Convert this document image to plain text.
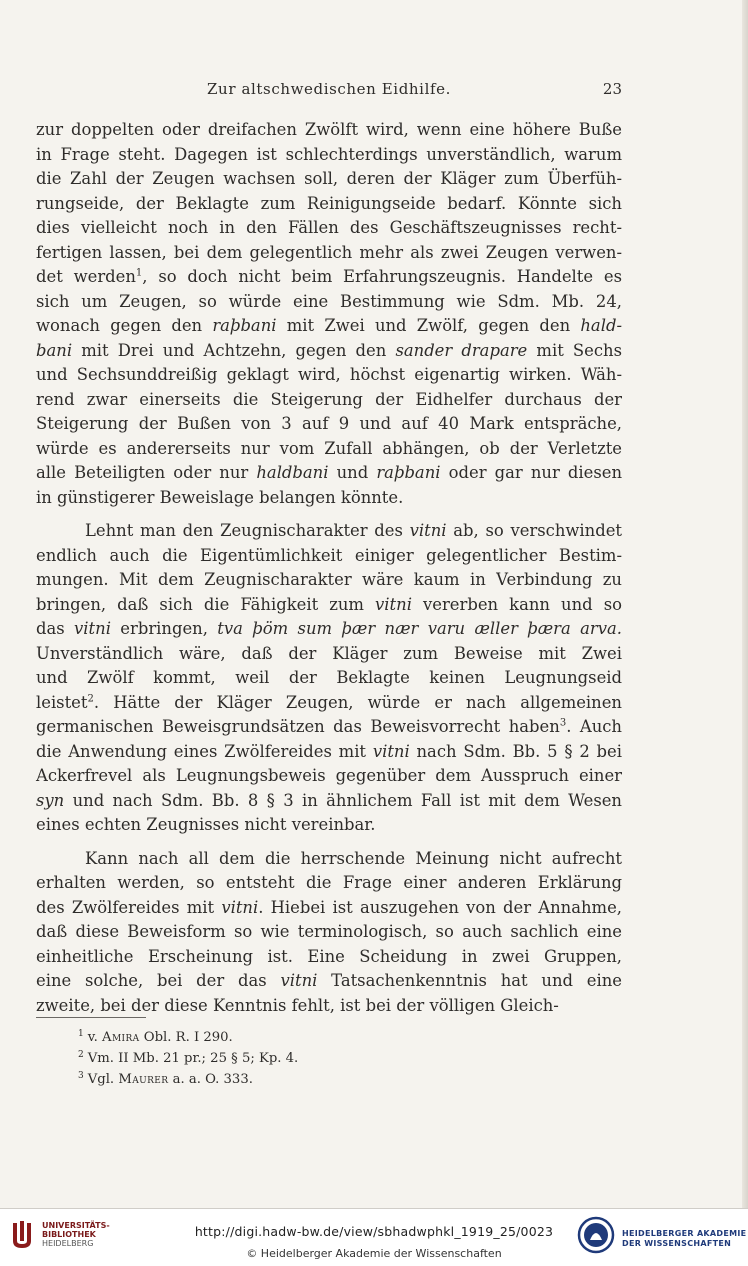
Zur altschwedischen Eidhilfe.	23
zur doppelten oder dreifachen Zwölft wird, wenn eine höhere Buße
in Frage steht. Dagegen ist schlechterdings unverständlich, warum
die Zahl der Zeugen wachsen soll, deren der Kläger zum Überfüh-
rungseide, der Beklagte zum Reinigungseide bedarf. Könnte sich
dies vielleicht noch in den Fällen des Geschäftszeugnisses recht-
fertigen lassen, bei dem gelegentlich mehr als zwei Zeugen verwen-
det werden$^1$, so doch nicht beim Erfahrungszeugnis. Handelte es
sich um Zeugen, so würde eine Bestimmung wie Sdm. Mb. 24,
wonach gegen den raþbani mit Zwei und Zwölf, gegen den hald-
bani mit Drei und Achtzehn, gegen den sander drapare mit Sechs
und Sechsunddreißig geklagt wird, höchst eigenartig wirken. Wäh-
rend zwar einerseits die Steigerung der Eidhelfer durchaus der
Steigerung der Bußen von 3 auf 9 und auf 40 Mark entspräche,
würde es andererseits nur vom Zufall abhängen, ob der Verletzte
alle Beteiligten oder nur haldbani und raþbani oder gar nur diesen
in günstigerer Beweislage belangen könnte.
Lehnt man den Zeugnischarakter des vitni ab, so verschwindet
endlich auch die Eigentümlichkeit einiger gelegentlicher Bestim-
mungen. Mit dem Zeugnischarakter wäre kaum in Verbindung zu
bringen, daß sich die Fähigkeit zum vitni vererben kann und so
das vitni erbringen, tva þöm sum þær nær varu æller þæra arva.
Unverständlich wäre, daß der Kläger zum Beweise mit Zwei
und Zwölf kommt, weil der Beklagte keinen Leugnungseid
leistet$^2$. Hätte der Kläger Zeugen, würde er nach allgemeinen
germanischen Beweisgrundsätzen das Beweisvorrecht haben$^3$. Auch
die Anwendung eines Zwölfereides mit vitni nach Sdm. Bb. 5 § 2 bei
Ackerfrevel als Leugnungsbeweis gegenüber dem Ausspruch einer
syn und nach Sdm. Bb. 8 § 3 in ähnlichem Fall ist mit dem Wesen
eines echten Zeugnisses nicht vereinbar.
Kann nach all dem die herrschende Meinung nicht aufrecht
erhalten werden, so entsteht die Frage einer anderen Erklärung
des Zwölfereides mit vitni. Hiebei ist auszugehen von der Annahme,
daß diese Beweisform so wie terminologisch, so auch sachlich eine
einheitliche Erscheinung ist. Eine Scheidung in zwei Gruppen,
eine solche, bei der das vitni Tatsachenkenntnis hat und eine
zweite, bei der diese Kenntnis fehlt, ist bei der völligen Gleich-
$^1$ v. Amira Obl. R. I 290.
$^2$ Vm. II Mb. 21 pr.; 25 § 5; Kp. 4.
$^3$ Vgl. Maurer a. a. O. 333.
UNIVERSITÄTS-
BIBLIOTHEK
HEIDELBERG
http://digi.hadw-bw.de/view/sbhadwphkl_1919_25/0023
© Heidelberger Akademie der Wissenschaften
HEIDELBERGER AKADEMIE
DER WISSENSCHAFTEN
